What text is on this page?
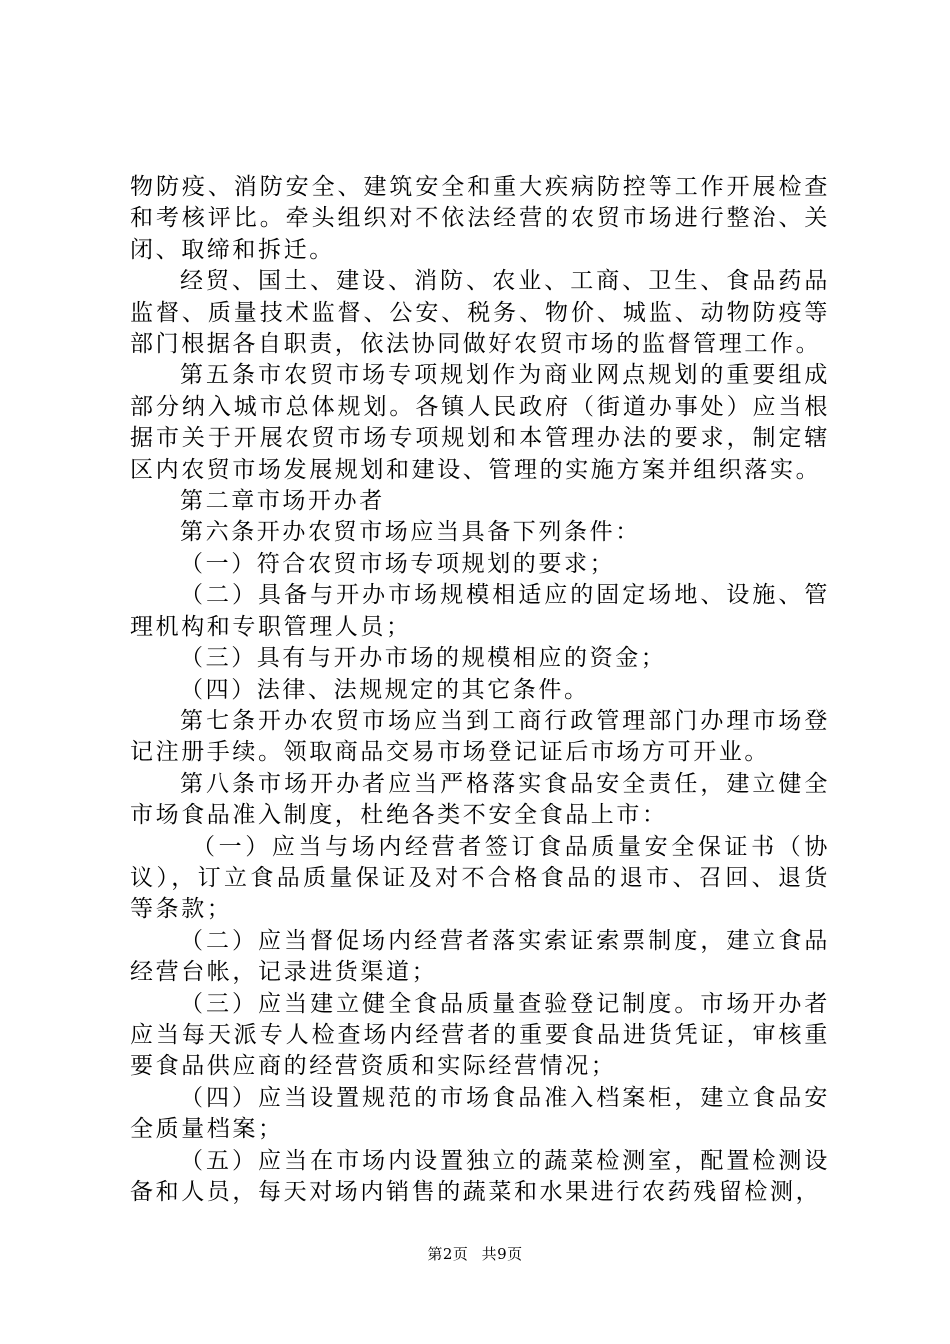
物防疫、消防安全、建筑安全和重大疾病防控等工作开展检查和考核评比。牵头组织对不依法经营的农贸市场进行整治、关闭、取缔和拆迁。

经贸、国土、建设、消防、农业、工商、卫生、食品药品监督、质量技术监督、公安、税务、物价、城监、动物防疫等部门根据各自职责，依法协同做好农贸市场的监督管理工作。

第五条市农贸市场专项规划作为商业网点规划的重要组成部分纳入城市总体规划。各镇人民政府（街道办事处）应当根据市关于开展农贸市场专项规划和本管理办法的要求，制定辖区内农贸市场发展规划和建设、管理的实施方案并组织落实。

第二章市场开办者

第六条开办农贸市场应当具备下列条件：

（一）符合农贸市场专项规划的要求；

（二）具备与开办市场规模相适应的固定场地、设施、管理机构和专职管理人员；

（三）具有与开办市场的规模相应的资金；

（四）法律、法规规定的其它条件。

第七条开办农贸市场应当到工商行政管理部门办理市场登记注册手续。领取商品交易市场登记证后市场方可开业。

第八条市场开办者应当严格落实食品安全责任，建立健全市场食品准入制度，杜绝各类不安全食品上市：

（一）应当与场内经营者签订食品质量安全保证书（协议），订立食品质量保证及对不合格食品的退市、召回、退货等条款；

（二）应当督促场内经营者落实索证索票制度，建立食品经营台帐，记录进货渠道；

（三）应当建立健全食品质量查验登记制度。市场开办者应当每天派专人检查场内经营者的重要食品进货凭证，审核重要食品供应商的经营资质和实际经营情况；

（四）应当设置规范的市场食品准入档案柜，建立食品安全质量档案；

（五）应当在市场内设置独立的蔬菜检测室，配置检测设备和人员，每天对场内销售的蔬菜和水果进行农药残留检测，

第2页 共9页
